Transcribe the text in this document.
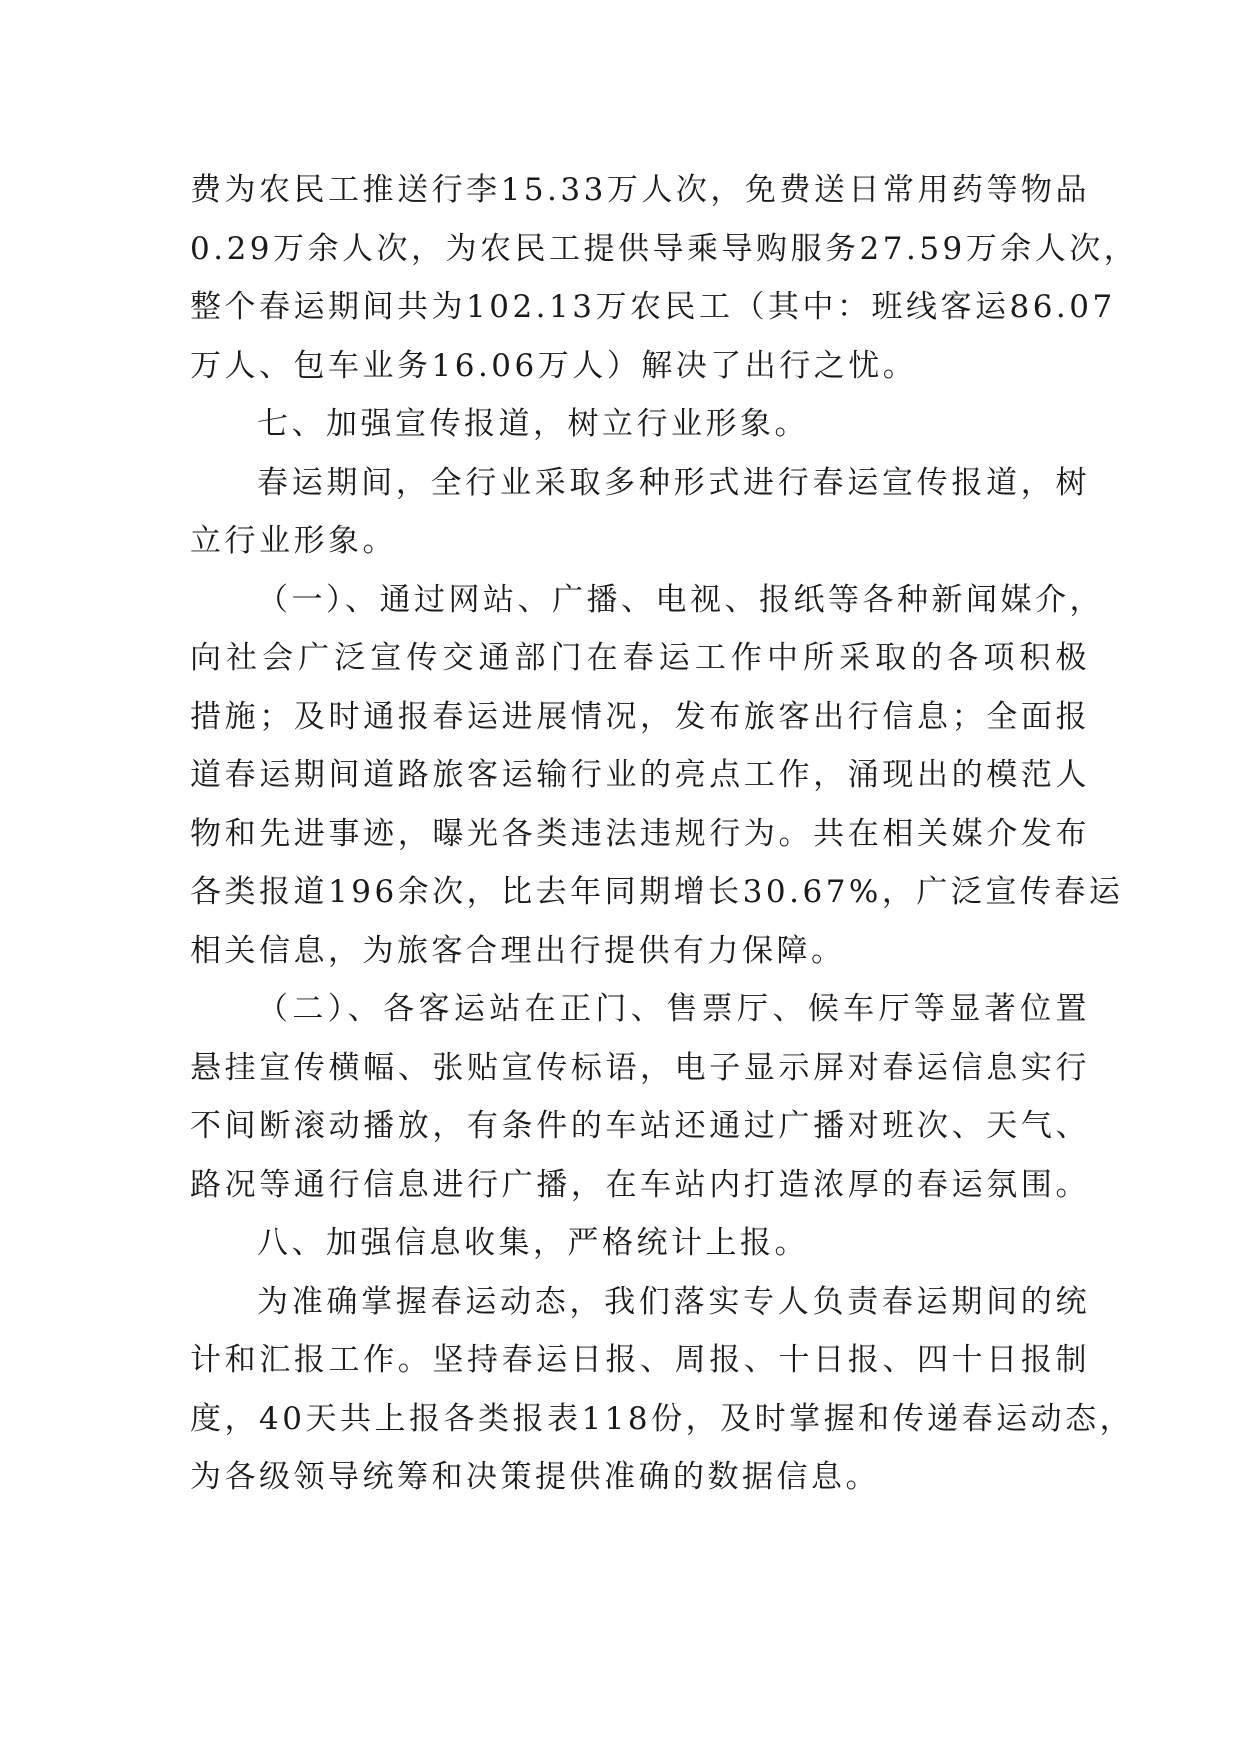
费为农民工推送行李15.33万人次，免费送日常用药等物品
0.29万余人次，为农民工提供导乘导购服务27.59万余人次，
整个春运期间共为102.13万农民工（其中：班线客运86.07
万人、包车业务16.06万人）解决了出行之忧。
七、加强宣传报道，树立行业形象。
春运期间，全行业采取多种形式进行春运宣传报道，树
立行业形象。
（一）、通过网站、广播、电视、报纸等各种新闻媒介，
向社会广泛宣传交通部门在春运工作中所采取的各项积极
措施；及时通报春运进展情况，发布旅客出行信息；全面报
道春运期间道路旅客运输行业的亮点工作，涌现出的模范人
物和先进事迹，曝光各类违法违规行为。共在相关媒介发布
各类报道196余次，比去年同期增长30.67%，广泛宣传春运
相关信息，为旅客合理出行提供有力保障。
（二）、各客运站在正门、售票厅、候车厅等显著位置
悬挂宣传横幅、张贴宣传标语，电子显示屏对春运信息实行
不间断滚动播放，有条件的车站还通过广播对班次、天气、
路况等通行信息进行广播，在车站内打造浓厚的春运氛围。
八、加强信息收集，严格统计上报。
为准确掌握春运动态，我们落实专人负责春运期间的统
计和汇报工作。坚持春运日报、周报、十日报、四十日报制
度，40天共上报各类报表118份，及时掌握和传递春运动态，
为各级领导统筹和决策提供准确的数据信息。
